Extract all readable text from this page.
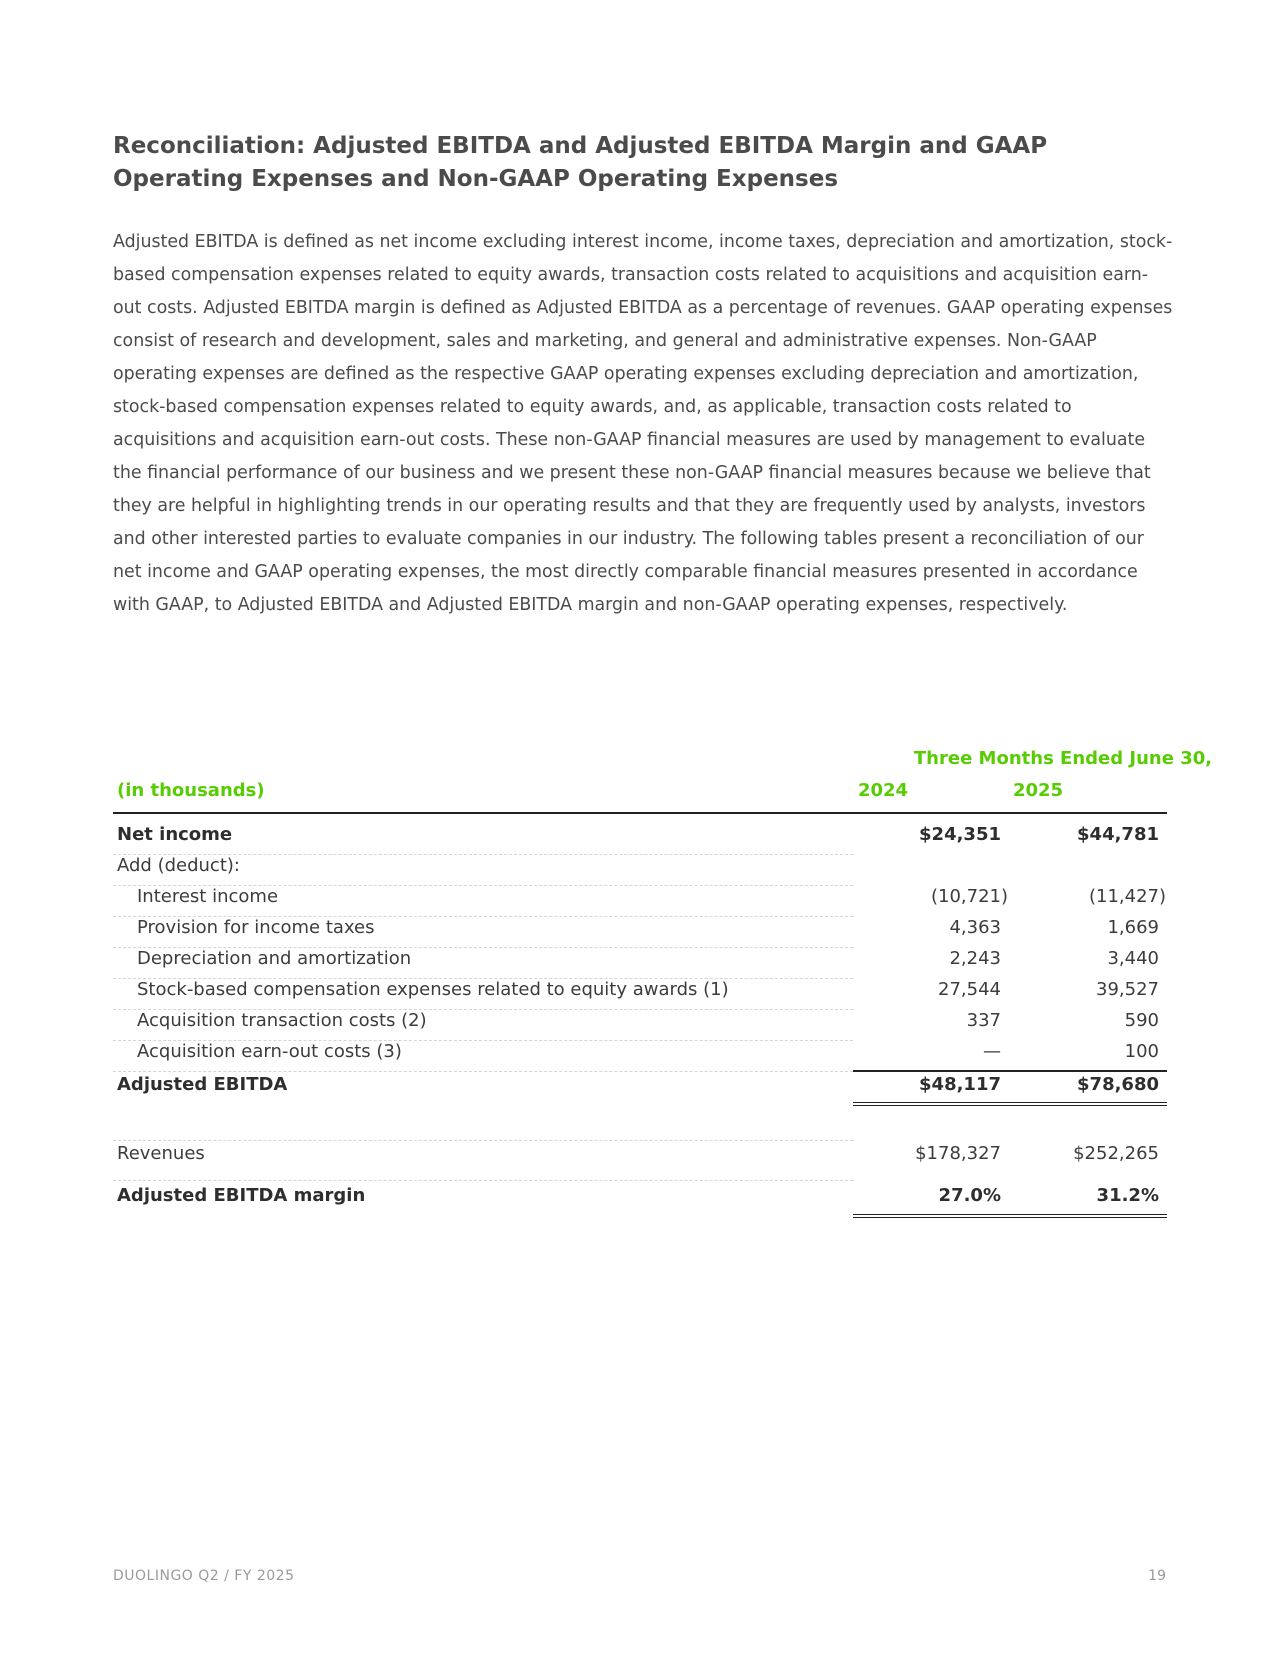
Reconciliation: Adjusted EBITDA and Adjusted EBITDA Margin and GAAP Operating Expenses and Non-GAAP Operating Expenses

Adjusted EBITDA is defined as net income excluding interest income, income taxes, depreciation and amortization, stock-based compensation expenses related to equity awards, transaction costs related to acquisitions and acquisition earn-out costs. Adjusted EBITDA margin is defined as Adjusted EBITDA as a percentage of revenues. GAAP operating expenses consist of research and development, sales and marketing, and general and administrative expenses. Non-GAAP operating expenses are defined as the respective GAAP operating expenses excluding depreciation and amortization, stock-based compensation expenses related to equity awards, and, as applicable, transaction costs related to acquisitions and acquisition earn-out costs. These non-GAAP financial measures are used by management to evaluate the financial performance of our business and we present these non-GAAP financial measures because we believe that they are helpful in highlighting trends in our operating results and that they are frequently used by analysts, investors and other interested parties to evaluate companies in our industry. The following tables present a reconciliation of our net income and GAAP operating expenses, the most directly comparable financial measures presented in accordance with GAAP, to Adjusted EBITDA and Adjusted EBITDA margin and non-GAAP operating expenses, respectively.

Three Months Ended June 30,
(in thousands)	2024	2025
Net income	$24,351	$44,781
Add (deduct):
Interest income	(10,721)	(11,427)
Provision for income taxes	4,363	1,669
Depreciation and amortization	2,243	3,440
Stock-based compensation expenses related to equity awards (1)	27,544	39,527
Acquisition transaction costs (2)	337	590
Acquisition earn-out costs (3)	—	100
Adjusted EBITDA	$48,117	$78,680
Revenues	$178,327	$252,265
Adjusted EBITDA margin	27.0%	31.2%
DUOLINGO Q2 / FY 2025	19
